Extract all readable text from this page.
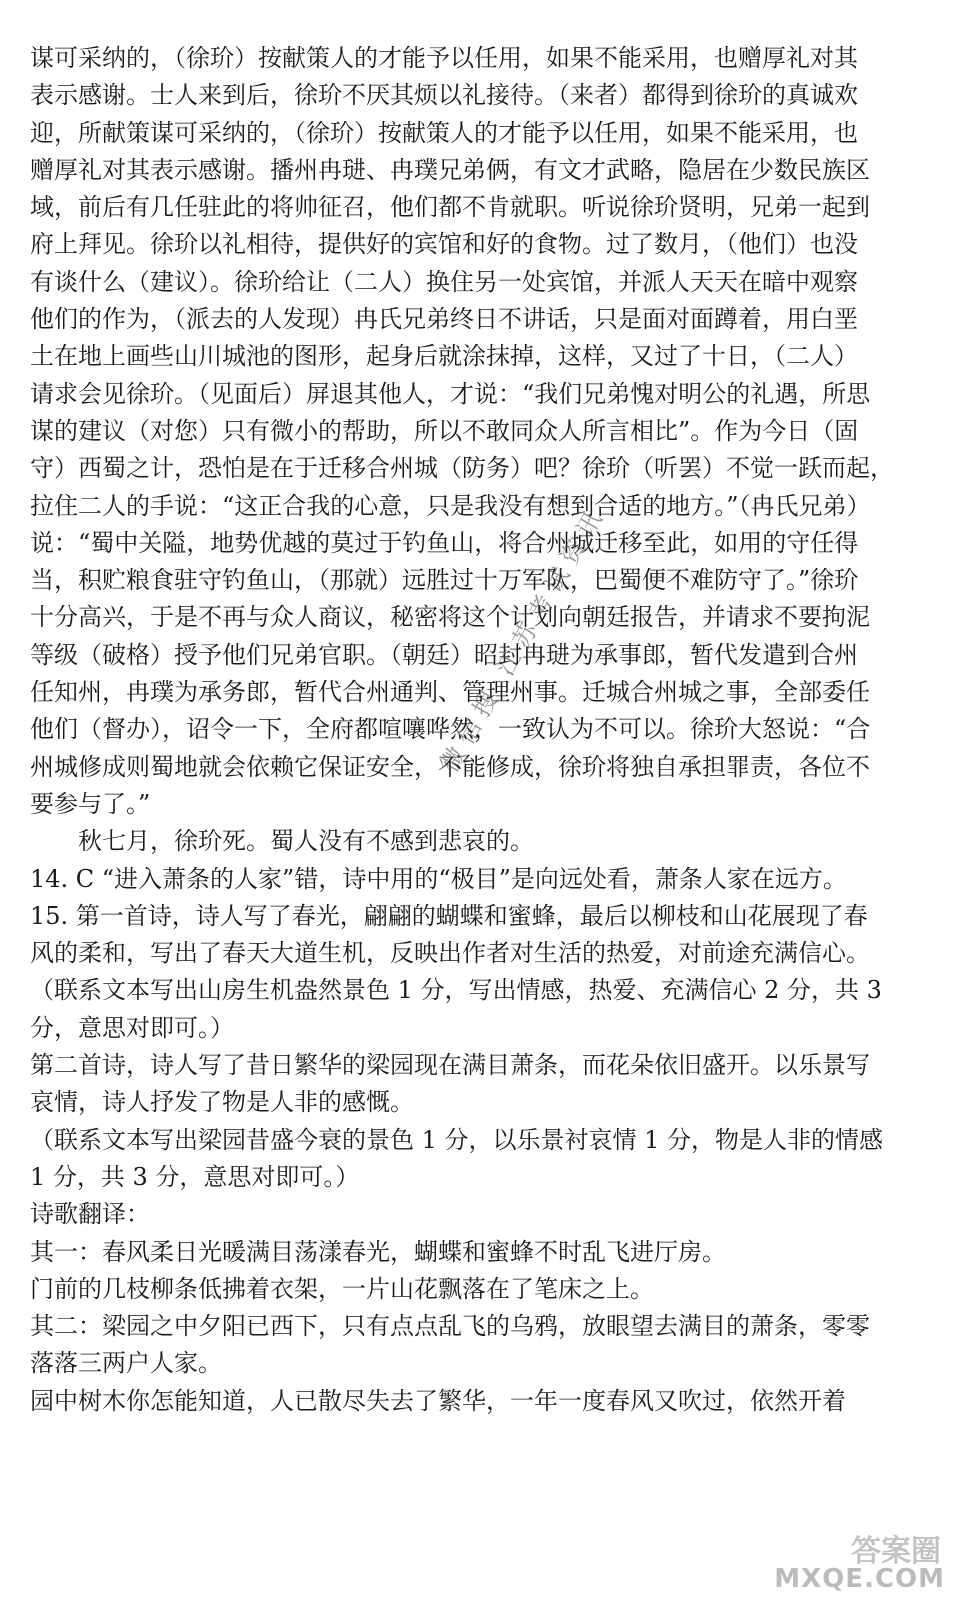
谋可采纳的，（徐玠）按献策人的才能予以任用，如果不能采用，也赠厚礼对其
表示感谢。士人来到后，徐玠不厌其烦以礼接待。（来者）都得到徐玠的真诚欢
迎，所献策谋可采纳的，（徐玠）按献策人的才能予以任用，如果不能采用，也
赠厚礼对其表示感谢。播州冉琎、冉璞兄弟俩，有文才武略，隐居在少数民族区
域，前后有几任驻此的将帅征召，他们都不肯就职。听说徐玠贤明，兄弟一起到
府上拜见。徐玠以礼相待，提供好的宾馆和好的食物。过了数月，（他们）也没
有谈什么（建议）。徐玠给让（二人）换住另一处宾馆，并派人天天在暗中观察
他们的作为，（派去的人发现）冉氏兄弟终日不讲话，只是面对面蹲着，用白垩
土在地上画些山川城池的图形，起身后就涂抹掉，这样，又过了十日，（二人）
请求会见徐玠。（见面后）屏退其他人，才说：“我们兄弟愧对明公的礼遇，所思
谋的建议（对您）只有微小的帮助，所以不敢同众人所言相比”。作为今日（固
守）西蜀之计，恐怕是在于迁移合州城（防务）吧？徐玠（听罢）不觉一跃而起，
拉住二人的手说：“这正合我的心意，只是我没有想到合适的地方。”（冉氏兄弟）
说：“蜀中关隘，地势优越的莫过于钓鱼山，将合州城迁移至此，如用的守任得
当，积贮粮食驻守钓鱼山，（那就）远胜过十万军队，巴蜀便不难防守了。”徐玠
十分高兴，于是不再与众人商议，秘密将这个计划向朝廷报告，并请求不要拘泥
等级（破格）授予他们兄弟官职。（朝廷）昭封冉琎为承事郎，暂代发遣到合州
任知州，冉璞为承务郎，暂代合州通判、管理州事。迁城合州城之事，全部委任
他们（督办），诏令一下，全府都喧嚷哗然，一致认为不可以。徐玠大怒说：“合
州城修成则蜀地就会依赖它保证安全，不能修成，徐玠将独自承担罪责，各位不
要参与了。”
秋七月，徐玠死。蜀人没有不感到悲哀的。
14. C “进入萧条的人家”错，诗中用的“极目”是向远处看，萧条人家在远方。
15. 第一首诗，诗人写了春光，翩翩的蝴蝶和蜜蜂，最后以柳枝和山花展现了春
风的柔和，写出了春天大道生机，反映出作者对生活的热爱，对前途充满信心。
（联系文本写出山房生机盎然景色 1 分，写出情感，热爱、充满信心 2 分，共 3
分，意思对即可。）
第二首诗，诗人写了昔日繁华的梁园现在满目萧条，而花朵依旧盛开。以乐景写
哀情，诗人抒发了物是人非的感慨。
（联系文本写出梁园昔盛今衰的景色 1 分，以乐景衬哀情 1 分，物是人非的情感
1 分，共 3 分，意思对即可。）
诗歌翻译：
其一：春风柔日光暖满目荡漾春光，蝴蝶和蜜蜂不时乱飞进厅房。
门前的几枝柳条低拂着衣架，一片山花飘落在了笔床之上。
其二：梁园之中夕阳已西下，只有点点乱飞的乌鸦，放眼望去满目的萧条，零零
落落三两户人家。
园中树木你怎能知道，人已散尽失去了繁华，一年一度春风又吹过，依然开着
微信搜 江苏考试资讯
答案圈
MXQE.COM
